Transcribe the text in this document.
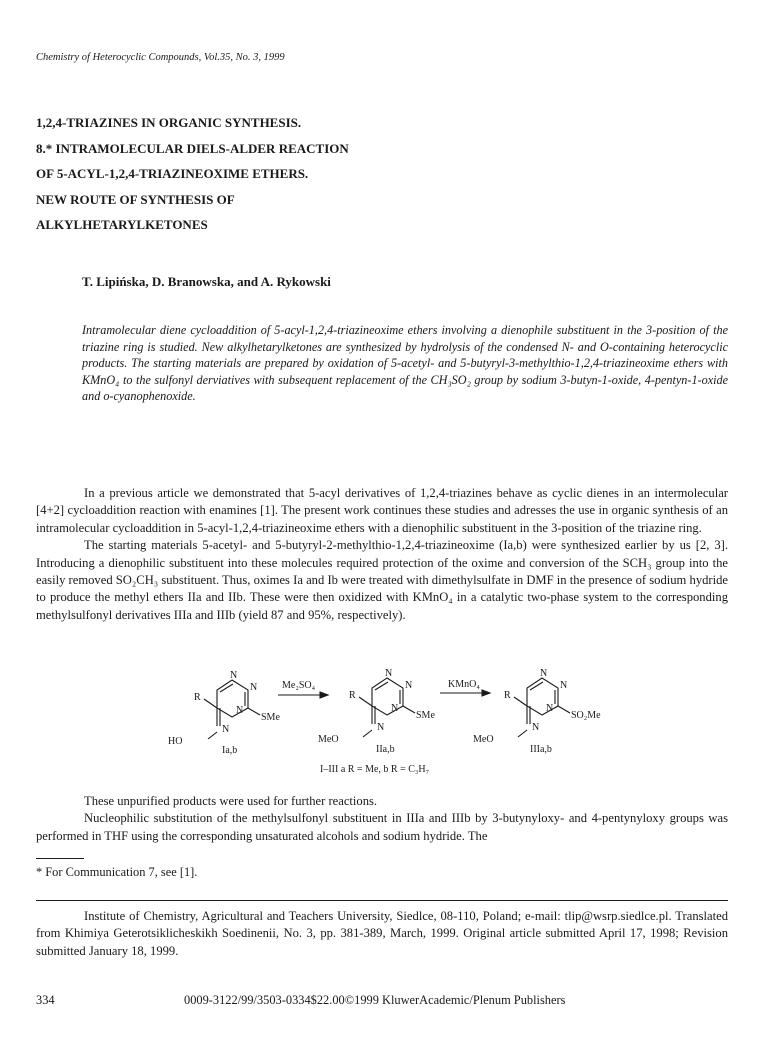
Chemistry of Heterocyclic Compounds, Vol.35, No. 3, 1999
1,2,4-TRIAZINES IN ORGANIC SYNTHESIS.
8.* INTRAMOLECULAR DIELS-ALDER REACTION
OF 5-ACYL-1,2,4-TRIAZINEOXIME ETHERS.
NEW ROUTE OF SYNTHESIS OF
ALKYLHETARYLKETONES
T. Lipińska, D. Branowska, and A. Rykowski
Intramolecular diene cycloaddition of 5-acyl-1,2,4-triazineoxime ethers involving a dienophile substituent in the 3-position of the triazine ring is studied. New alkylhetarylketones are synthesized by hydrolysis of the condensed N- and O-containing heterocyclic products. The starting materials are prepared by oxidation of 5-acetyl- and 5-butyryl-3-methylthio-1,2,4-triazineoxime ethers with KMnO₄ to the sulfonyl derviatives with subsequent replacement of the CH₃SO₂ group by sodium 3-butyn-1-oxide, 4-pentyn-1-oxide and o-cyanophenoxide.

In a previous article we demonstrated that 5-acyl derivatives of 1,2,4-triazines behave as cyclic dienes in an intermolecular [4+2] cycloaddition reaction with enamines [1]. The present work continues these studies and adresses the use in organic synthesis of an intramolecular cycloaddition in 5-acyl-1,2,4-triazineoxime ethers with a dienophilic substituent in the 3-position of the triazine ring.

The starting materials 5-acetyl- and 5-butyryl-2-methylthio-1,2,4-triazineoxime (Ia,b) were synthesized earlier by us [2, 3]. Introducing a dienophilic substituent into these molecules required protection of the oxime and conversion of the SCH₃ group into the easily removed SO₂CH₃ substituent. Thus, oximes Ia and Ib were treated with dimethylsulfate in DMF in the presence of sodium hydride to produce the methyl ethers IIa and IIb. These were then oxidized with KMnO₄ in a catalytic two-phase system to the corresponding methylsulfonyl derivatives IIIa and IIIb (yield 87 and 95%, respectively).

N
N
N
R
SMe
N
HO
Ia,b
Me₂SO₄
N
N
N
R
SMe
N
MeO
IIa,b
KMnO₄
N
N
N
R
SO₂Me
N
MeO
IIIa,b
I–III a R = Me, b R = C₃H₇

These unpurified products were used for further reactions.

Nucleophilic substitution of the methylsulfonyl substituent in IIIa and IIIb by 3-butynyloxy- and 4-pentynyloxy groups was performed in THF using the corresponding unsaturated alcohols and sodium hydride. The

* For Communication 7, see [1].

Institute of Chemistry, Agricultural and Teachers University, Siedlce, 08-110, Poland; e-mail: tlip@wsrp.siedlce.pl. Translated from Khimiya Geterotsiklicheskikh Soedinenii, No. 3, pp. 381-389, March, 1999. Original article submitted April 17, 1998; Revision submitted January 18, 1999.

334	0009-3122/99/3503-0334$22.00©1999 KluwerAcademic/Plenum Publishers
